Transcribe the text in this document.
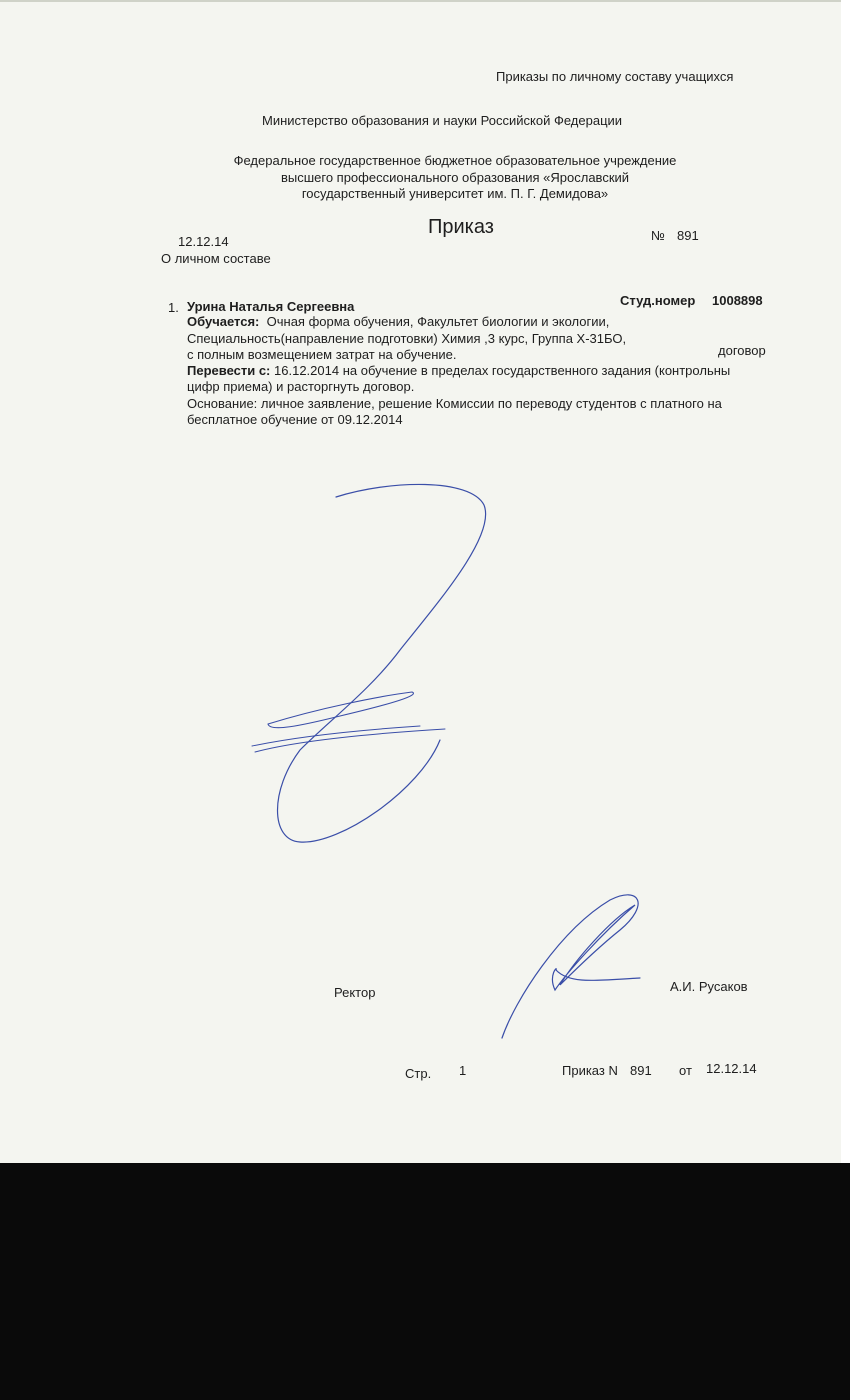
Приказы по личному составу учащихся
Министерство образования и науки Российской Федерации
Федеральное государственное бюджетное образовательное учреждение
высшего профессионального образования «Ярославский
государственный университет им. П. Г. Демидова»
Приказ
12.12.14	№ 891
О личном составе
1. Урина Наталья Сергеевна	Студ.номер 1008898
Обучается: Очная форма обучения, Факультет биологии и экологии,
Специальность(направление подготовки) Химия ,3 курс, Группа Х-31БО,
с полным возмещением затрат на обучение.	договор
Перевести с: 16.12.2014 на обучение в пределах государственного задания (контрольны
цифр приема) и расторгнуть договор.
Основание: личное заявление, решение Комиссии по переводу студентов с платного на
бесплатное обучение от 09.12.2014
Ректор	А.И. Русаков
Стр. 1	Приказ N 891 от 12.12.14
